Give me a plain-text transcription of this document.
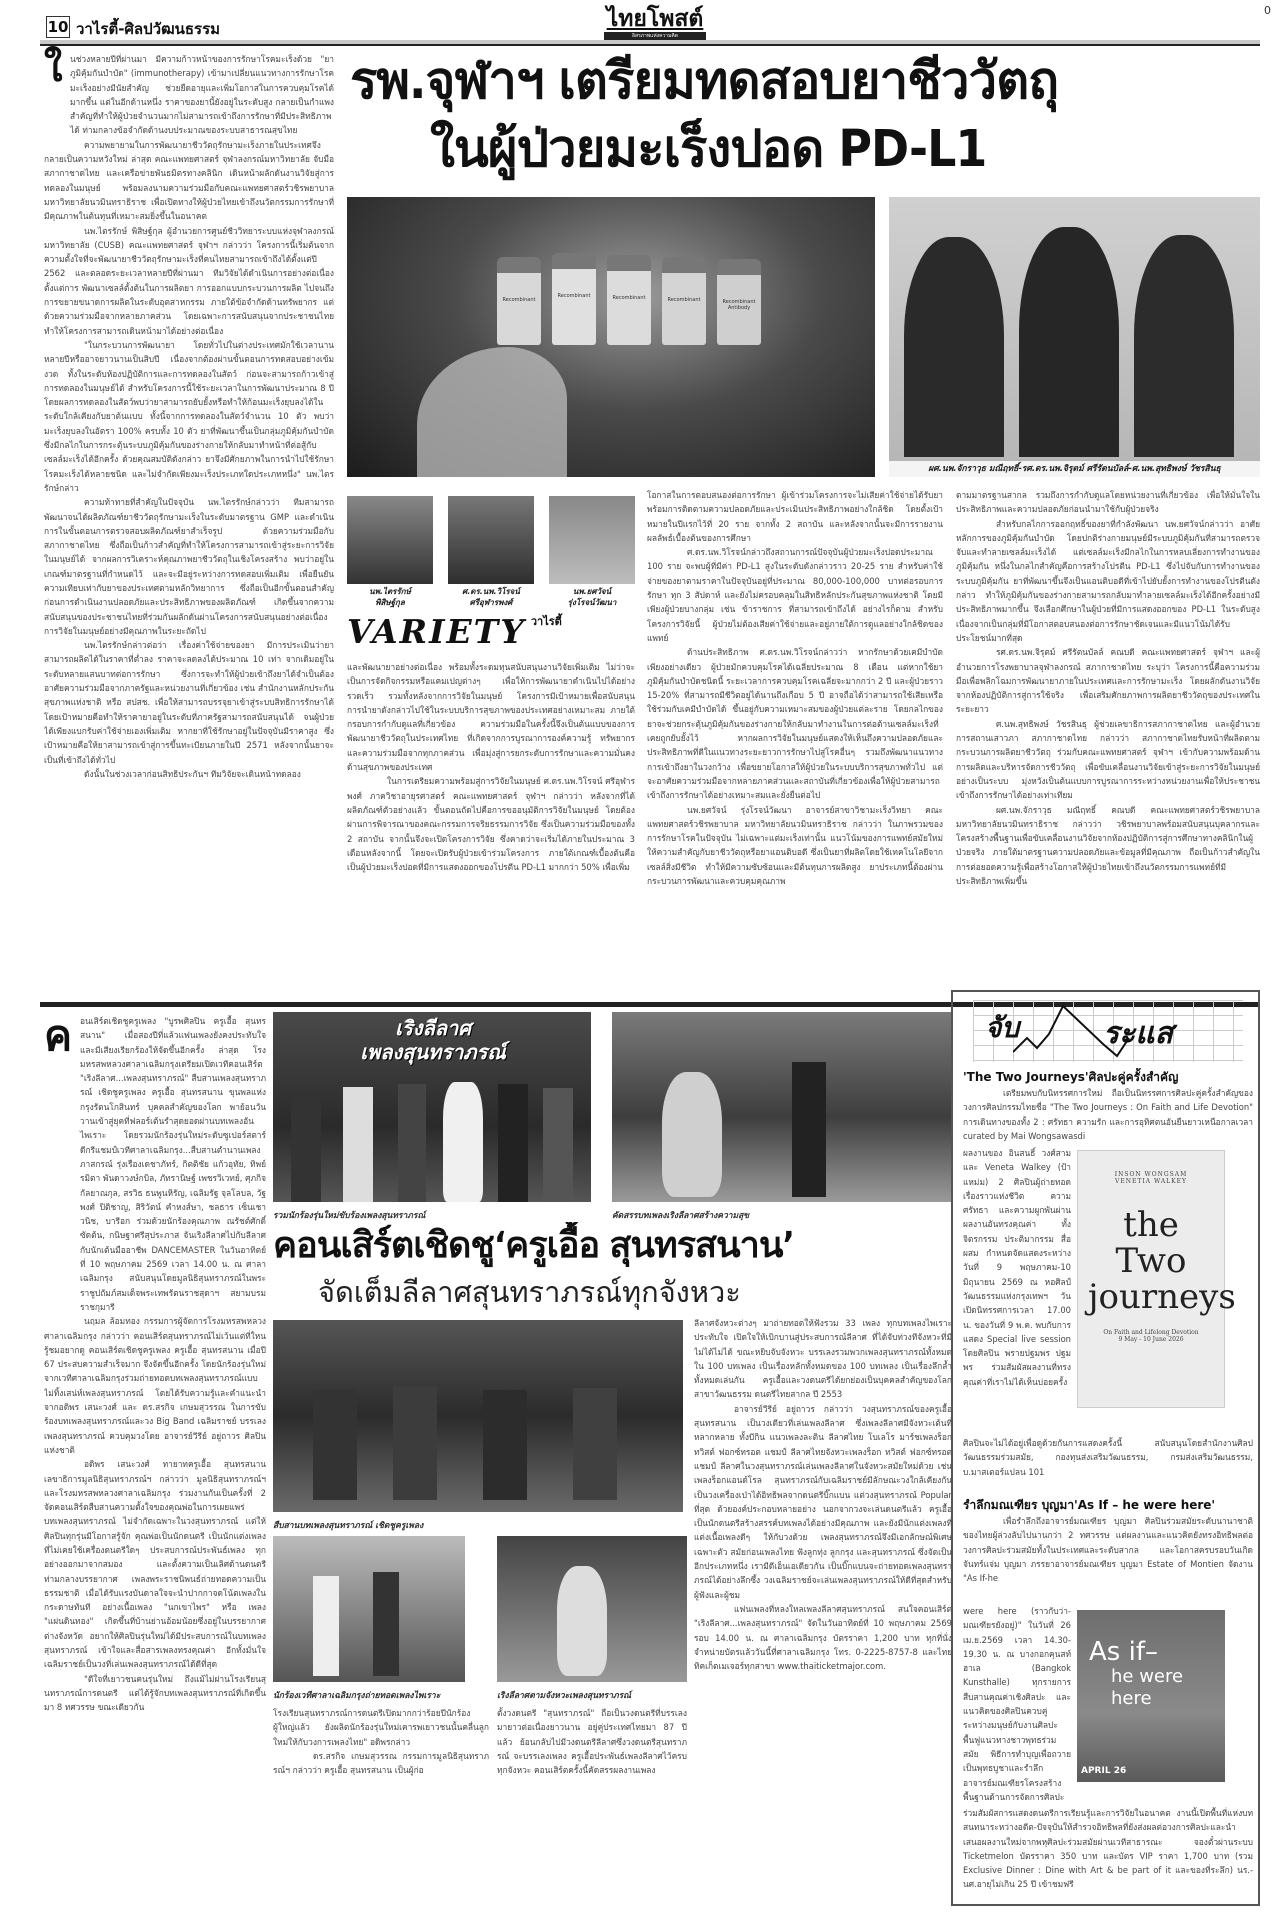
10 วาไรตี้-ศิลปวัฒนธรรม	ไทยโพสต์
อิสรภาพแห่งความคิด
0
รพ.จุฬาฯ เตรียมทดสอบยาชีววัตถุ
ในผู้ป่วยมะเร็งปอด PD-L1
ใ นช่วงหลายปีที่ผ่านมา มีความก้าวหน้าของการรักษาโรคมะเร็งด้วย "ยาภูมิคุ้มกันบำบัด" (immunotherapy) เข้ามาเปลี่ยนแนวทางการรักษาโรคมะเร็งอย่างมีนัยสำคัญ ช่วยยืดอายุและเพิ่มโอกาสในการควบคุมโรคได้มากขึ้น แต่ในอีกด้านหนึ่ง ราคาของยานี้ยังอยู่ในระดับสูง กลายเป็นกำแพงสำคัญที่ทำให้ผู้ป่วยจำนวนมากไม่สามารถเข้าถึงการรักษาที่มีประสิทธิภาพได้ ท่ามกลางข้อจำกัดด้านงบประมาณของระบบสาธารณสุขไทย

ความพยายามในการพัฒนายาชีววัตถุรักษามะเร็งภายในประเทศจึงกลายเป็นความหวังใหม่ ล่าสุด คณะแพทยศาสตร์ จุฬาลงกรณ์มหาวิทยาลัย จับมือสภากาชาดไทย และเครือข่ายพันธมิตรทางคลินิก เดินหน้าผลักดันงานวิจัยสู่การทดลองในมนุษย์ พร้อมลงนามความร่วมมือกับคณะแพทยศาสตร์วชิรพยาบาล มหาวิทยาลัยนวมินทราธิราช เพื่อเปิดทางให้ผู้ป่วยไทยเข้าถึงนวัตกรรมการรักษาที่มีคุณภาพในต้นทุนที่เหมาะสมยิ่งขึ้นในอนาคต

นพ.ไตรรักษ์ พิสิษฐ์กุล ผู้อำนวยการศูนย์ชีววิทยาระบบแห่งจุฬาลงกรณ์มหาวิทยาลัย (CUSB) คณะแพทยศาสตร์ จุฬาฯ กล่าวว่า โครงการนี้เริ่มต้นจากความตั้งใจที่จะพัฒนายาชีววัตถุรักษามะเร็งที่คนไทยสามารถเข้าถึงได้ตั้งแต่ปี 2562 และตลอดระยะเวลาหลายปีที่ผ่านมา ทีมวิจัยได้ดำเนินการอย่างต่อเนื่อง ตั้งแต่การ พัฒนาเซลล์ตั้งต้นในการผลิตยา การออกแบบกระบวนการผลิต ไปจนถึงการขยายขนาดการผลิตในระดับอุตสาหกรรม ภายใต้ข้อจำกัดด้านทรัพยากร แต่ด้วยความร่วมมือจากหลายภาคส่วน โดยเฉพาะการสนับสนุนจากประชาชนไทย ทำให้โครงการสามารถเดินหน้ามาได้อย่างต่อเนื่อง

"ในกระบวนการพัฒนายา โดยทั่วไปในต่างประเทศมักใช้เวลานานหลายปีหรืออาจยาวนานเป็นสิบปี เนื่องจากต้องผ่านขั้นตอนการทดสอบอย่างเข้มงวด ทั้งในระดับห้องปฏิบัติการและการทดลองในสัตว์ ก่อนจะสามารถก้าวเข้าสู่การทดลองในมนุษย์ได้ สำหรับโครงการนี้ใช้ระยะเวลาในการพัฒนาประมาณ 8 ปี โดยผลการทดลองในสัตว์พบว่ายาสามารถยับยั้งหรือทำให้ก้อนมะเร็งยุบลงได้ในระดับใกล้เคียงกับยาต้นแบบ ทั้งนี้จากการทดลองในสัตว์จำนวน 10 ตัว พบว่ามะเร็งยุบลงในอัตรา 100% ครบทั้ง 10 ตัว ยาที่พัฒนาขึ้นเป็นกลุ่มภูมิคุ้มกันบำบัด ซึ่งมีกลไกในการกระตุ้นระบบภูมิคุ้มกันของร่างกายให้กลับมาทำหน้าที่ต่อสู้กับเซลล์มะเร็งได้อีกครั้ง ด้วยคุณสมบัติดังกล่าว ยาจึงมีศักยภาพในการนำไปใช้รักษาโรคมะเร็งได้หลายชนิด และไม่จำกัดเพียงมะเร็งประเภทใดประเภทหนึ่ง" นพ.ไตรรักษ์กล่าว

ความท้าทายที่สำคัญในปัจจุบัน นพ.ไตรรักษ์กล่าวว่า ทีมสามารถพัฒนาจนได้ผลิตภัณฑ์ยาชีววัตถุรักษามะเร็งในระดับมาตรฐาน GMP และดำเนินการในขั้นตอนการตรวจสอบผลิตภัณฑ์ยาสำเร็จรูป ด้วยความร่วมมือกับสภากาชาดไทย ซึ่งถือเป็นก้าวสำคัญที่ทำให้โครงการสามารถเข้าสู่ระยะการวิจัยในมนุษย์ได้ จากผลการวิเคราะห์คุณภาพยาชีววัตถุในเชิงโครงสร้าง พบว่าอยู่ในเกณฑ์มาตรฐานที่กำหนดไว้ และจะมีอยู่ระหว่างการทดสอบเพิ่มเติม เพื่อยืนยันความเทียบเท่ากับยาของประเทศตามหลักวิทยาการ ซึ่งถือเป็นอีกขั้นตอนสำคัญก่อนการดำเนินงานปลอดภัยและประสิทธิภาพของผลิตภัณฑ์ เกิดขึ้นจากความสนับสนุนของประชาชนไทยที่ร่วมกันผลักดันผ่านโครงการสนับสนุนอย่างต่อเนื่อง การวิจัยในมนุษย์อย่างมีคุณภาพในระยะถัดไป

นพ.ไตรรักษ์กล่าวต่อว่า เรื่องค่าใช้จ่ายของยา มีการประเมินว่ายาสามารถผลิตได้ในราคาที่ต่ำลง ราคาจะลดลงได้ประมาณ 10 เท่า จากเดิมอยู่ในระดับหลายแสนบาทต่อการรักษา ซึ่งการจะทำให้ผู้ป่วยเข้าถึงยาได้จำเป็นต้องอาศัยความร่วมมือจากภาครัฐและหน่วยงานที่เกี่ยวข้อง เช่น สำนักงานหลักประกันสุขภาพแห่งชาติ หรือ สปสช. เพื่อให้สามารถบรรจุยาเข้าสู่ระบบสิทธิการรักษาได้ โดยเป้าหมายคือทำให้ราคายาอยู่ในระดับที่ภาครัฐสามารถสนับสนุนได้ จนผู้ป่วยได้เพียงแบกรับค่าใช้จ่ายเองเพิ่มเติม หากยาที่ใช้รักษาอยู่ในปัจจุบันมีราคาสูง ซึ่งเป้าหมายคือให้ยาสามารถเข้าสู่การขึ้นทะเบียนภายในปี 2571 หลังจากนั้นยาจะเป็นที่เข้าถึงได้ทั่วไป

ดังนั้นในช่วงเวลาก่อนสิทธิประกันฯ ทีมวิจัยจะเดินหน้าทดลอง

Recombinant
Recombinant	Recombinant	Recombinant	Recombinant Antibody
ผศ.นพ.จักราวุธ มณีฤทธิ์-รศ.ดร.นพ.จิรุตม์ ศรีรัตนบัลล์-ศ.นพ.สุทธิพงษ์ วัชรสินธุ
นพ.ไตรรักษ์
พิสิษฐ์กุล
ศ.ดร.นพ.วิโรจน์
ศรีอุฬารพงศ์
นพ.ยศวัจน์
รุ่งโรจน์วัฒนา
VARIETY $^{วาไรตี้}$

และพัฒนายาอย่างต่อเนื่อง พร้อมทั้งระดมทุนสนับสนุนงานวิจัยเพิ่มเติม ไม่ว่าจะเป็นการจัดกิจกรรมหรือแคมเปญต่างๆ เพื่อให้การพัฒนายาดำเนินไปได้อย่างรวดเร็ว รวมทั้งหลังจากการวิจัยในมนุษย์ โครงการมีเป้าหมายเพื่อสนับสนุนการนำยาดังกล่าวไปใช้ในระบบบริการสุขภาพของประเทศอย่างเหมาะสม ภายใต้กรอบการกำกับดูแลที่เกี่ยวข้อง ความร่วมมือในครั้งนี้จึงเป็นต้นแบบของการพัฒนายาชีววัตถุในประเทศไทย ที่เกิดจากการบูรณาการองค์ความรู้ ทรัพยากร และความร่วมมือจากทุกภาคส่วน เพื่อมุ่งสู่การยกระดับการรักษาและความมั่นคงด้านสุขภาพของประเทศ

ในการเตรียมความพร้อมสู่การวิจัยในมนุษย์ ศ.ดร.นพ.วิโรจน์ ศรีอุฬารพงศ์ ภาควิชาอายุรศาสตร์ คณะแพทยศาสตร์ จุฬาฯ กล่าวว่า หลังจากที่ได้ผลิตภัณฑ์ตัวอย่างแล้ว ขั้นตอนถัดไปคือการขออนุมัติการวิจัยในมนุษย์ โดยต้องผ่านการพิจารณาของคณะกรรมการจริยธรรมการวิจัย ซึ่งเป็นความร่วมมือของทั้ง 2 สถาบัน จากนั้นจึงจะเปิดโครงการวิจัย ซึ่งคาดว่าจะเริ่มได้ภายในประมาณ 3 เดือนหลังจากนี้ โดยจะเปิดรับผู้ป่วยเข้าร่วมโครงการ ภายใต้เกณฑ์เบื้องต้นคือเป็นผู้ป่วยมะเร็งปอดที่มีการแสดงออกของโปรตีน PD-L1 มากกว่า 50% เพื่อเพิ่ม

โอกาสในการตอบสนองต่อการรักษา ผู้เข้าร่วมโครงการจะไม่เสียค่าใช้จ่ายได้รับยา พร้อมการติดตามความปลอดภัยและประเมินประสิทธิภาพอย่างใกล้ชิด โดยตั้งเป้าหมายในปีแรกไว้ที่ 20 ราย จากทั้ง 2 สถาบัน และหลังจากนั้นจะมีการรายงานผลลัพธ์เบื้องต้นของการศึกษา

ศ.ดร.นพ.วิโรจน์กล่าวถึงสถานการณ์ปัจจุบันผู้ป่วยมะเร็งปอดประมาณ 100 ราย จะพบผู้ที่มีค่า PD-L1 สูงในระดับดังกล่าวราว 20-25 ราย สำหรับค่าใช้จ่ายของยาตามราคาในปัจจุบันอยู่ที่ประมาณ 80,000-100,000 บาทต่อรอบการรักษา ทุก 3 สัปดาห์ และยังไม่ครอบคลุมในสิทธิหลักประกันสุขภาพแห่งชาติ โดยมีเพียงผู้ป่วยบางกลุ่ม เช่น ข้าราชการ ที่สามารถเข้าถึงได้ อย่างไรก็ตาม สำหรับโครงการวิจัยนี้ ผู้ป่วยไม่ต้องเสียค่าใช้จ่ายและอยู่ภายใต้การดูแลอย่างใกล้ชิดของแพทย์

ด้านประสิทธิภาพ ศ.ดร.นพ.วิโรจน์กล่าวว่า หากรักษาด้วยเคมีบำบัดเพียงอย่างเดียว ผู้ป่วยมักควบคุมโรคได้เฉลี่ยประมาณ 8 เดือน แต่หากใช้ยาภูมิคุ้มกันบำบัดชนิดนี้ ระยะเวลาการควบคุมโรคเฉลี่ยจะมากกว่า 2 ปี และผู้ป่วยราว 15-20% ที่สามารถมีชีวิตอยู่ได้นานถึงเกือบ 5 ปี อาจถือได้ว่าสามารถใช้เสียเหรือใช้ร่วมกับเคมีบำบัดได้ ขึ้นอยู่กับความเหมาะสมของผู้ป่วยแต่ละราย โดยกลไกของยาจะช่วยกระตุ้นภูมิคุ้มกันของร่างกายให้กลับมาทำงานในการต่อต้านเซลล์มะเร็งที่เคยถูกยับยั้งไว้ หากผลการวิจัยในมนุษย์แสดงให้เห็นถึงความปลอดภัยและประสิทธิภาพที่ดีในแนวทางระยะยาวการรักษาไปสู่โรคอื่นๆ รวมถึงพัฒนาแนวทางการเข้าถึงยาในวงกว้าง เพื่อขยายโอกาสให้ผู้ป่วยในระบบบริการสุขภาพทั่วไป แต่จะอาศัยความร่วมมือจากหลายภาคส่วนและสถาบันที่เกี่ยวข้องเพื่อให้ผู้ป่วยสามารถเข้าถึงการรักษาได้อย่างเหมาะสมและยั่งยืนต่อไป

นพ.ยศวัจน์ รุ่งโรจน์วัฒนา อาจารย์สาขาวิชามะเร็งวิทยา คณะแพทยศาสตร์วชิรพยาบาล มหาวิทยาลัยนวมินทราธิราช กล่าวว่า ในภาพรวมของการรักษาโรคในปัจจุบัน ไม่เฉพาะแต่มะเร็งเท่านั้น แนวโน้มของการแพทย์สมัยใหม่ให้ความสำคัญกับยาชีววัตถุหรือยาแอนติบอดี ซึ่งเป็นยาที่ผลิตโดยใช้เทคโนโลยีจากเซลล์สิ่งมีชีวิต ทำให้มีความซับซ้อนและมีต้นทุนการผลิตสูง ยาประเภทนี้ต้องผ่านกระบวนการพัฒนาและควบคุมคุณภาพ

ตามมาตรฐานสากล รวมถึงการกำกับดูแลโดยหน่วยงานที่เกี่ยวข้อง เพื่อให้มั่นใจในประสิทธิภาพและความปลอดภัยก่อนนำมาใช้กับผู้ป่วยจริง

สำหรับกลไกการออกฤทธิ์ของยาที่กำลังพัฒนา นพ.ยศวัจน์กล่าวว่า อาศัยหลักการของภูมิคุ้มกันบำบัด โดยปกติร่างกายมนุษย์มีระบบภูมิคุ้มกันที่สามารถตรวจจับและทำลายเซลล์มะเร็งได้ แต่เซลล์มะเร็งมีกลไกในการหลบเลี่ยงการทำงานของภูมิคุ้มกัน หนึ่งในกลไกสำคัญคือการสร้างโปรตีน PD-L1 ซึ่งไปจับกับการทำงานของระบบภูมิคุ้มกัน ยาที่พัฒนาขึ้นจึงเป็นแอนติบอดีที่เข้าไปยับยั้งการทำงานของโปรตีนดังกล่าว ทำให้ภูมิคุ้มกันของร่างกายสามารถกลับมาทำลายเซลล์มะเร็งได้อีกครั้งอย่างมีประสิทธิภาพมากขึ้น จึงเลือกศึกษาในผู้ป่วยที่มีการแสดงออกของ PD-L1 ในระดับสูง เนื่องจากเป็นกลุ่มที่มีโอกาสตอบสนองต่อการรักษาชัดเจนและมีแนวโน้มได้รับประโยชน์มากที่สุด

รศ.ดร.นพ.จิรุตม์ ศรีรัตนบัลล์ คณบดี คณะแพทยศาสตร์ จุฬาฯ และผู้อำนวยการโรงพยาบาลจุฬาลงกรณ์ สภากาชาดไทย ระบุว่า โครงการนี้คือความร่วมมือเพื่อพลิกโฉมการพัฒนายาภายในประเทศและการรักษามะเร็ง โดยผลักดันงานวิจัยจากห้องปฏิบัติการสู่การใช้จริง เพื่อเสริมศักยภาพการผลิตยาชีววัตถุของประเทศในระยะยาว

ศ.นพ.สุทธิพงษ์ วัชรสินธุ ผู้ช่วยเลขาธิการสภากาชาดไทย และผู้อำนวยการสถานเสาวภา สภากาชาดไทย กล่าวว่า สภากาชาดไทยรับหน้าที่ผลิตตามกระบวนการผลิตยาชีววัตถุ ร่วมกับคณะแพทยศาสตร์ จุฬาฯ เข้ากับความพร้อมด้านการผลิตและบริหารจัดการชีววัตถุ เพื่อขับเคลื่อนงานวิจัยเข้าสู่ระยะการวิจัยในมนุษย์อย่างเป็นระบบ มุ่งหวังเป็นต้นแบบการบูรณาการระหว่างหน่วยงานเพื่อให้ประชาชนเข้าถึงการรักษาได้อย่างเท่าเทียม

ผศ.นพ.จักราวุธ มณีฤทธิ์ คณบดี คณะแพทยศาสตร์วชิรพยาบาล มหาวิทยาลัยนวมินทราธิราช กล่าวว่า วชิรพยาบาลพร้อมสนับสนุนบุคลากรและโครงสร้างพื้นฐานเพื่อขับเคลื่อนงานวิจัยจากห้องปฏิบัติการสู่การศึกษาทางคลินิกในผู้ป่วยจริง ภายใต้มาตรฐานความปลอดภัยและข้อมูลที่มีคุณภาพ ถือเป็นก้าวสำคัญในการต่อยอดความรู้เพื่อสร้างโอกาสให้ผู้ป่วยไทยเข้าถึงนวัตกรรมการแพทย์ที่มีประสิทธิภาพเพิ่มขึ้น

ค อนเสิร์ตเชิดชูครูเพลง "บูรพศิลปิน ครูเอื้อ สุนทรสนาน" เมื่อสองปีที่แล้วแฟนเพลงยังคงประทับใจ และมีเสียงเรียกร้องให้จัดขึ้นอีกครั้ง ล่าสุด โรงมหรสพหลวงศาลาเฉลิมกรุงเตรียมเปิดเวทีคอนเสิร์ต "เริงลีลาศ...เพลงสุนทราภรณ์" สืบสานเพลงสุนทราภรณ์ เชิดชูครูเพลง ครูเอื้อ สุนทรสนาน ขุนพลแห่งกรุงรัตนโกสินทร์ บุคคลสำคัญของโลก พาย้อนวันวานเข้าสู่ยุคที่ฟลอร์เต้นรำสุดยอดผ่านบทเพลงอันไพเราะ โดยรวมนักร้องรุ่นใหม่ระดับซูเปอร์สตาร์ดีกรีแชมป์เวทีศาลาเฉลิมกรุง...สืบสานตำนานเพลง ภาสกรณ์ รุ่งเรืองเดชาภัทร์, กิตติชัย แก้วอุทัย, ทิพย์รมิตา พันดาวงษ์กบิล, ภัทรานิษฐ์ เพชรวิเวทย์, ศุภกิจ กัลยาณกุล, สรวิธ ธนพูนหิรัญ, เฉลิมรัฐ จุลโลบล, วัฐพงศ์ ปิติชาญ, สิริวัตน์ คำหงส์ษา, ชลธาร เซ็นเชาวนิช, บารีอก ร่วมด้วยนักร้องคุณภาพ ณรัชต์ศักดิ์ ซัดต้น, กนิษฐาศรีสุประภาส จันเริงลีลาศไปกับลีลาศกับนักเต้นมืออาชีพ DANCEMASTER ในวันอาทิตย์ที่ 10 พฤษภาคม 2569 เวลา 14.00 น. ณ ศาลาเฉลิมกรุง สนับสนุนโดยมูลนิธิสุนทราภรณ์ในพระราชูปถัมภ์สมเด็จพระเทพรัตนราชสุดาฯ สยามบรมราชกุมารี

นฤมล ล้อมทอง กรรมการผู้จัดการโรงมหรสพหลวงศาลาเฉลิมกรุง กล่าวว่า คอนเสิร์ตสุนทราภรณ์ไม่เว้นแต่ที่ใหน รู้ชมอยากดู คอนเสิร์ตเชิดชูครูเพลง ครูเอื้อ สุนทรสนาน เมื่อปี 67 ประสบความสำเร็จมาก จึงจัดขึ้นอีกครั้ง โดยนักร้องรุ่นใหม่จากเวทีศาลาเฉลิมกรุงร่วมถ่ายทอดบทเพลงสุนทราภรณ์แบบไม่ทิ้งเสน่ห์เพลงสุนทราภรณ์ โดยได้รับความรู้และคำแนะนำจากอดิพร เสนะวงศ์ และ ดร.สรกิจ เกษมสุวรรณ ในการขับร้องบทเพลงสุนทราภรณ์และวง Big Band เฉลิมราชย์ บรรเลงเพลงสุนทราภรณ์ ควบคุมวงโดย อาจารย์วีรีย์ อยู่ถาวร ศิลปินแห่งชาติ

อดิพร เสนะวงศ์ ทายาทครูเอื้อ สุนทรสนาน เลขาธิการมูลนิธิสุนทราภรณ์ฯ กล่าวว่า มูลนิธิสุนทราภรณ์ฯ และโรงมหรสพหลวงศาลาเฉลิมกรุง ร่วมงานกันเป็นครั้งที่ 2 จัดคอนเสิร์ตสืบสานความตั้งใจของคุณพ่อในการเผยแพร่บทเพลงสุนทราภรณ์ ไม่จำกัดเฉพาะในวงสุนทราภรณ์ แต่ให้ศิลปินทุกรุ่นมีโอกาสรู้จัก คุณพ่อเป็นนักดนตรี เป็นนักแต่งเพลงที่ไม่เคยใช้เครื่องดนตรีใดๆ ประสบการณ์ประพันธ์เพลง ทุกอย่างออกมาจากสมอง และตั้งความเป็นเลิศด้านดนตรี ท่ามกลางบรรยากาศ เพลงพระราชนิพนธ์ถ่ายทอดความเป็นธรรมชาติ เมื่อได้รับแรงบันดาลใจจะนำปากกาจดโน้ตเพลงในกระดาษทันที อย่างเนื้อเพลง "นกเขาไพร" หรือ เพลง "แผ่นดินทอง" เกิดขึ้นที่บ้านย่านอ้อมน้อยซึ่งอยู่ในบรรยากาศต่างจังหวัด อยากให้ศิลปินรุ่นใหม่ได้มีประสบการณ์ในบทเพลงสุนทราภรณ์ เข้าใจและสื่อสารเพลงทรงคุณค่า อีกทั้งมั่นใจเฉลิมราชย์เป็นวงที่เล่นเพลงสุนทราภรณ์ได้ดีที่สุด

"ดีใจที่เยาวชนคนรุ่นใหม่ ถึงแม้ไม่ผ่านโรงเรียนสุนทราภรณ์การดนตรี แต่ได้รู้จักบทเพลงสุนทราภรณ์ที่เกิดขึ้นมา 8 ทศวรรษ ขณะเดียวกัน

เริงลีลาศ
เพลงสุนทราภรณ์
รวมนักร้องรุ่นใหม่ขับร้องเพลงสุนทราภรณ์	คัดสรรบทเพลงเริงลีลาศสร้างความสุข
คอนเสิร์ตเชิดชู‘ครูเอื้อ สุนทรสนาน’
จัดเต็มลีลาศสุนทราภรณ์ทุกจังหวะ
สืบสานบทเพลงสุนทราภรณ์ เชิดชูครูเพลง
นักร้องเวทีศาลาเฉลิมกรุงถ่ายทอดเพลงไพเราะ	เริงลีลาศตามจังหวะเพลงสุนทราภรณ์

โรงเรียนสุนทราภรณ์การดนตรีเปิดมากกว่าร้อยปีนักร้อง ผู้ใหญ่แล้ว ยังผลิตนักร้องรุ่นใหม่เคารพเยาวชนนั้นคลื่นลูกใหม่ให้กับวงการเพลงไทย" อดิพรกล่าว

ดร.สรกิจ เกษมสุวรรณ กรรมการมูลนิธิสุนทราภรณ์ฯ กล่าวว่า ครูเอื้อ สุนทรสนาน เป็นผู้ก่อ

ตั้งวงดนตรี "สุนทราภรณ์" ถือเป็นวงดนตรีที่บรรเลงมายาวต่อเนื่องยาวนาน อยู่คู่ประเทศไทยมา 87 ปีแล้ว ย้อนกลับไปมีวงดนตรีลีลาศซึ่งวงดนตรีสุนทราภรณ์ จะบรรเลงเพลง ครูเอื้อประพันธ์เพลงลีลาศไว้ครบทุกจังหวะ คอนเสิร์ตครั้งนี้คัดสรรผลงานเพลง

ลีลาศจังหวะต่างๆ มาถ่ายทอดให้ฟังรวม 33 เพลง ทุกบทเพลงไพเราะ ประทับใจ เปิดใจให้เบิกบานสู่ประสบการณ์ลีลาศ ที่ได้จับท่วงทีจังหวะที่มีไม่ได้ไม่ได้ ขณะหยิบจับจังหวะ บรรเลงรวมพวกเพลงสุนทราภรณ์ทั้งหมดใน 100 บทเพลง เป็นเรื่องหลักทั้งหมดของ 100 บทเพลง เป็นเรื่องลึกล้ำ ทั้งหมดเล่นกัน ครูเอื้อและวงดนตรีได้ยกย่องเป็นบุคคลสำคัญของโลก สาขาวัฒนธรรม ดนตรีไทยสากล ปี 2553

อาจารย์วีรีย์ อยู่ถาวร กล่าวว่า วงสุนทราภรณ์ของครูเอื้อ สุนทรสนาน เป็นวงเดียวที่เล่นเพลงลีลาศ ซึ่งเพลงลีลาศมีจังหวะเต้นที่หลากหลาย ทั้งบีกิน แนวเพลงละติน ลีลาศไทย โบเลโร มาร์ชเพลงร็อก ทวิสต์ ฟอกซ์ทรอต แชมป์ ลีลาศไทยจังหวะเพลงร็อก ทวิสต์ ฟอกซ์ทรอต แชมป์ ลีลาศในวงสุนทราภรณ์เล่นเพลงลีลาศในจังหวะสมัยใหม่ด้วย เช่น เพลงร็อกแอนด์โรล สุนทราภรณ์กับเฉลิมราชย์มีลักษณะวงใกล้เคียงกัน เป็นวงเครื่องเป่าได้อิทธิพลจากดนตรีบิ๊กแบน แต่วงสุนทราภรณ์ Popular ที่สุด ด้วยองค์ประกอบหลายอย่าง นอกจากวงจะเล่นดนตรีแล้ว ครูเอื้อเป็นนักดนตรีสร้างสรรค์บทเพลงได้อย่างมีคุณภาพ และยังมีนักแต่งเพลงที่แต่งเนื้อเพลงดีๆ ให้กับวงด้วย เพลงสุนทราภรณ์จึงมีเอกลักษณ์พิเศษเฉพาะตัว สมัยก่อนเพลงไทย ฟังลูกทุ่ง ลูกกรุง และสุนทราภรณ์ ซึ่งจัดเป็นอีกประเภทหนึ่ง เรามีดีเอ็นเอเดียวกัน เป็นบิ๊กแบนจะถ่ายทอดเพลงสุนทราภรณ์ได้อย่างลึกซึ้ง วงเฉลิมราชย์จะเล่นเพลงสุนทราภรณ์ให้ดีที่สุดสำหรับผู้ฟังและผู้ชม

แฟนเพลงที่หลงใหลเพลงลีลาศสุนทราภรณ์ สนใจคอนเสิร์ต "เริงลีลาศ...เพลงสุนทราภรณ์" จัดในวันอาทิตย์ที่ 10 พฤษภาคม 2569 รอบ 14.00 น. ณ ศาลาเฉลิมกรุง บัตรราคา 1,200 บาท ทุกที่นั่ง จำหน่ายบัตรแล้ววันนี้ที่ศาลาเฉลิมกรุง โทร. 0-2225-8757-8 และไทยทิคเก็ตเมเจอร์ทุกสาขา www.thaiticketmajor.com.

จับ	ระแส
'The Two Journeys'ศิลปะคู่ครั้งสำคัญ

เตรียมพบกับนิทรรศการใหม่ ถือเป็นนิทรรศการศิลปะคู่ครั้งสำคัญของวงการศิลปกรรมไทยชื่อ "The Two Journeys : On Faith and Life Devotion" การเดินทางของทั้ง 2 : ศรัทธา ความรัก และการอุทิศตนอันยืนยาวเหนือกาลเวลา curated by Mai Wongsawasdi

ผลงานของ อินสนธิ์ วงศ์สาม และ Veneta Walkey (ป้าแหม่ม) 2 ศิลปินผู้ถ่ายทอดเรื่องราวแห่งชีวิต ความศรัทธา และความผูกพันผ่านผลงานอันทรงคุณค่า ทั้งจิตรกรรม ประติมากรรม สื่อผสม กำหนดจัดแสดงระหว่างวันที่ 9 พฤษภาคม-10 มิถุนายน 2569 ณ หอศิลป์วัฒนธรรมแห่งกรุงเทพฯ วันเปิดนิทรรศการเวลา 17.00 น. ของวันที่ 9 พ.ค. พบกับการแสดง Special live session โดยศิลปิน พรายปฐมพร ปฐมพร ร่วมสัมผัสผลงานที่ทรงคุณค่าที่เราไม่ได้เห็นบ่อยครั้ง

INSON WONGSAM
VENETIA WALKEY
the Two journeys
On Faith and Lifelong Devotion
9 May - 10 June 2026

ศิลปินจะไม่ได้อยู่เพื่อดูด้วยกันการแสดงครั้งนี้ สนับสนุนโดยสำนักงานศิลปวัฒนธรรมร่วมสมัย, กองทุนส่งเสริมวัฒนธรรม, กรมส่งเสริมวัฒนธรรม, บ.มาสเตอร์แปลน 101

รำลึกมณเฑียร บุญมา'As If – he were here'

เพื่อรำลึกถึงอาจารย์มณเฑียร บุญมา ศิลปินร่วมสมัยระดับนานาชาติของไทยผู้ล่วงลับไปนานกว่า 2 ทศวรรษ แต่ผลงานและแนวคิดยังทรงอิทธิพลต่อวงการศิลปะร่วมสมัยทั้งในประเทศและระดับสากล และโอกาสครบรอบวันเกิดจันทร์แจ่ม บุญมา ภรรยาอาจารย์มณเฑียร บุญมา Estate of Montien จัดงาน "As If-he

were here (ราวกับว่า-มณเฑียรยังอยู่)" ในวันที่ 26 เม.ย.2569 เวลา 14.30-19.30 น. ณ บางกอกคุนสท์ฮาเล (Bangkok Kunsthalle) ทุกรายการสืบสานคุณค่าเชิงศิลปะ และแนวคิดของศิลปินควบคู่ระหว่างมนุษย์กับงานศิลปะ พื้นฟูแนวทางชาวพุทธร่วมสมัย พิธีการทำบุญเพื่อถวายเป็นพุทธบูชาและรำลึกอาจารย์มณเฑียรโครงสร้างพื้นฐานด้านการจัดการศิลปะ

As if–
he were here
APRIL 26

ร่วมสัมผัสการแสดงดนตรีการเรียนรู้และการวิจัยในอนาคต งานนี้เปิดพื้นที่แห่งบทสนทนาระหว่างอดีต-ปัจจุบันให้สำรวจอิทธิพลที่ยังส่งผลต่อวงการศิลปะและนำเสนอผลงานใหม่จากพหุศิลปะร่วมสมัยผ่านเวทีสาธารณะ จองตั๋วผ่านระบบ Ticketmelon บัตรราคา 350 บาท และบัตร VIP ราคา 1,700 บาท (รวม Exclusive Dinner : Dine with Art & be part of it และของที่ระลึก) นร.-นศ.อายุไม่เกิน 25 ปี เข้าชมฟรี
